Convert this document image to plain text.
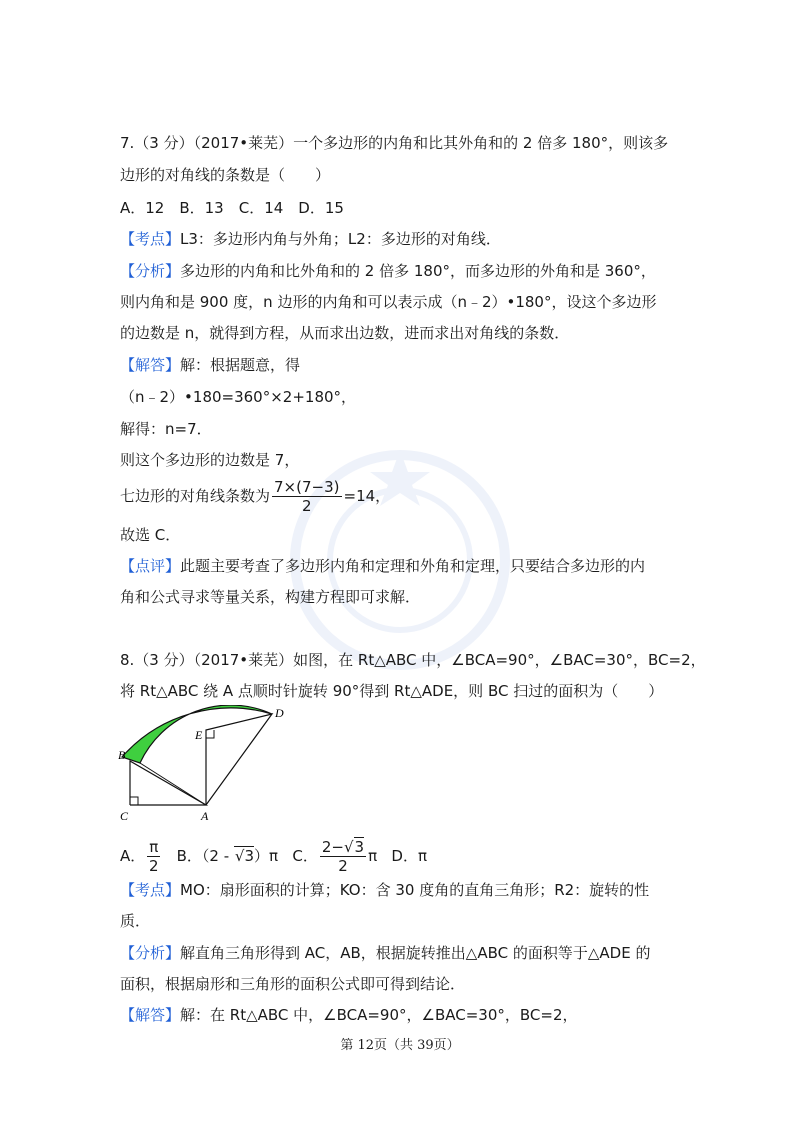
7.（3 分）（2017•莱芜）一个多边形的内角和比其外角和的 2 倍多 180°，则该多
边形的对角线的条数是（　　）
A．12　B．13　C．14　D．15
【考点】L3：多边形内角与外角；L2：多边形的对角线．
【分析】多边形的内角和比外角和的 2 倍多 180°，而多边形的外角和是 360°，
则内角和是 900 度，n 边形的内角和可以表示成（n﹣2）•180°，设这个多边形
的边数是 n，就得到方程，从而求出边数，进而求出对角线的条数．
【解答】解：根据题意，得
（n﹣2）•180=360°×2+180°，
解得：n=7．
则这个多边形的边数是 7，
七边形的对角线条数为 $\frac{7\times(7-3)}{2} =14$，
故选 C．
【点评】此题主要考查了多边形内角和定理和外角和定理，只要结合多边形的内
角和公式寻求等量关系，构建方程即可求解．
8.（3 分）（2017•莱芜）如图，在 Rt△ABC 中，∠BCA=90°，∠BAC=30°，BC=2，
将 Rt△ABC 绕 A 点顺时针旋转 90°得到 Rt△ADE，则 BC 扫过的面积为（　　）
B
E
D
C	A
A． $\frac{\pi}{2}$ B．（2 - √3）π C． $\frac{2-√3}{2}$ π D．π
【考点】MO：扇形面积的计算；KO：含 30 度角的直角三角形；R2：旋转的性
质．
【分析】解直角三角形得到 AC，AB，根据旋转推出△ABC 的面积等于△ADE 的
面积，根据扇形和三角形的面积公式即可得到结论．
【解答】解：在 Rt△ABC 中，∠BCA=90°，∠BAC=30°，BC=2，
第 12页（共 39页）
